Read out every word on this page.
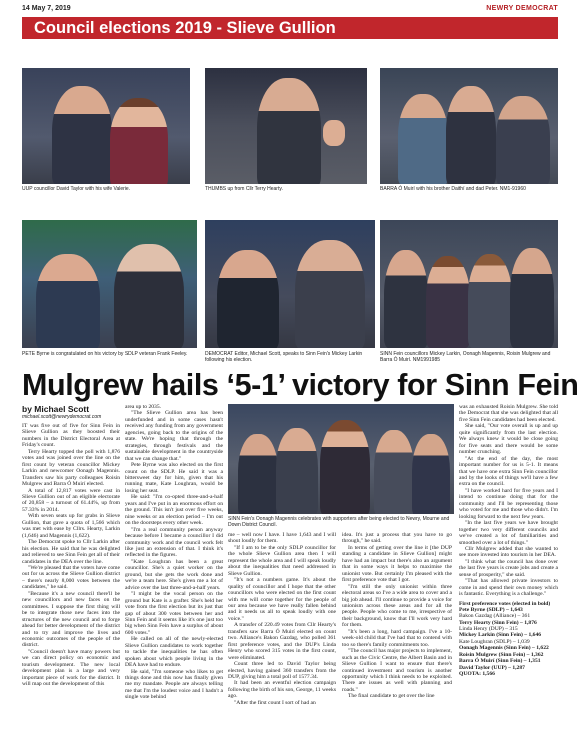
14 May 7, 2019	NEWRY DEMOCRAT
Council elections 2019 - Slieve Gullion
UUP councillor David Taylor with his wife Valerie.	THUMBS up from Cllr Terry Hearty.	BARRA Ó Muirí with his brother Daithí and dad Peter. NM1-91960
PETE Byrne is congratulated on his victory by SDLP veteran Frank Feeley.	DEMOCRAT Editor, Michael Scott, speaks to Sinn Fein's Mickey Larkin following his election.
SINN Fein councillors Mickey Larkin, Oonagh Magennis, Roisin Mulgrew and Barra Ó Muirí. NM1991985
Mulgrew hails ‘5-1’ victory for Sinn Fein
by Michael Scott
michael.scott@newrydemocrat.com

IT was five out of five for Sinn Fein in Slieve Gullion as they boosted their numbers in the District Electoral Area at Friday's count.

Terry Hearty topped the poll with 1,876 votes and was joined over the line on the first count by veteran councillor Mickey Larkin and newcomer Oonagh Magennis. Transfers saw his party colleagues Roisin Mulgrew and Barra Ó Muirí elected.

A total of 12,817 votes were cast in Slieve Gullion out of an eligible electorate of 20,858 – a turnout of 61.44%, up from 57.33% in 2014.

With seven seats up for grabs in Slieve Gullion, that gave a quota of 1,566 which was met with ease by Cllrs. Hearty, Larkin (1,646) and Magennis (1,622).

The Democrat spoke to Cllr Larkin after his election. He said that he was delighted and relieved to see Sinn Fein get all of their candidates in the DEA over the line.

"We're pleased that the voters have come out for us across the Slieve Gullion district – there's nearly 8,000 votes between the candidates," he said.

"Because it's a new council there'll be new councillors and new faces on the committees. I suppose the first thing will be to integrate those new faces into the structures of the new council and to forge ahead for better development of the district and to try and improve the lives and economic outcomes of the people of the district.

"Council doesn't have many powers but we can direct policy on economic and tourism development. The new local development plan is a large and very important piece of work for the district. It will map out the development of this

area up to 2035.

"The Slieve Gullion area has been underfunded and in some cases hasn't received any funding from any government agencies, going back to the origins of the state. We're hoping that through the strategies, through festivals and the sustainable development in the countryside that we can change that."

Pete Byrne was also elected on the first count on the SDLP. He said it was a bittersweet day for him, given that his running mate, Kate Loughran, would be losing her seat.

He said: "I'm co-opted three-and-a-half years and I've put in an enormous effort on the ground. This isn't just over five weeks, nine weeks or an election period – I'm out on the doorsteps every other week.

"I'm a real community person anyway because before I became a councillor I did community work and the council work felt like just an extension of that. I think it's reflected in the figures.

"Kate Loughran has been a great councillor. She's a quiet worker on the ground, but she gets the work done and we're a team here. She's given me a lot of advice over the last three-and-a-half years.

"I might be the vocal person on the ground but Kate is a grafter. She's held her vote from the first election but its just that gap of about 300 votes between her and Sinn Fein and it seems like it's one just too big when Sinn Fein have a surplus of about 600 votes."

He called on all of the newly-elected Slieve Gullion candidates to work together to tackle the inequalities he has often spoken about which people living in the DEA have had to endure.

He said, "I'm someone who likes to get things done and this now has finally given me my mandate. People are always telling me that I'm the loudest voice and I hadn't a single vote behind

SINN Fein's Oonagh Magennis celebrates with supporters after being elected to Newry, Mourne and Down District Council.

me – well now I have. I have 1,643 and I will shout loudly for them.

"If I am to be the only SDLP councillor for the whole Slieve Gullion area then I will represent the whole area and I will speak loudly about the inequalities that need addressed in Slieve Gullion.

"It's not a numbers game. It's about the quality of councillor and I hope that the other councillors who were elected on the first count with me will come together for the people of our area because we have really fallen behind and it needs us all to speak loudly with one voice."

A transfer of 220.49 votes from Cllr Hearty's transfers saw Barra Ó Muirí elected on count two. Alliance's Bakon Gazdag, who polled 361 first preference votes, and the DUP's Linda Henry who scored 315 votes in the first count, were eliminated.

Count three led to David Taylor being elected, having gained 360 transfers from the DUP, giving him a total poll of 1577.34.

It had been an eventful election campaign following the birth of his son, George, 11 weeks ago.

"After the first count I sort of had an

idea. It's just a process that you have to go through," he said.

In terms of getting over the line it [the DUP standing a candidate in Slieve Gullion] might have had an impact but there's also an argument that in some ways it helps to maximise the unionist vote. But certainly I'm pleased with the first preference vote that I got.

"I'm still the only unionist within three electoral areas so I've a wide area to cover and a big job ahead. I'll continue to provide a voice for unionism across these areas and for all the people. People who come to me, irrespective of their background, know that I'll work very hard for them.

"It's been a long, hard campaign. I've a 10-week-old child that I've had that to contend with too so there's family commitments too.

"The council has major projects to implement, such as the Civic Centre, the Albert Basin and in Slieve Gullion I want to ensure that there's continued investment and tourism is another opportunity which I think needs to be exploited. There are issues as well with planning and roads."

The final candidate to get over the line

was an exhausted Roisin Mulgrew. She told the Democrat that she was delighted that all five Sinn Fein candidates had been elected.

She said, "Our vote overall is up and up quite significantly from the last election. We always knew it would be close going for five seats and there would be some number crunching.

"At the end of the day, the most important number for us is 5-1. It means that we have one extra Sinn Fein councillor and by the looks of things we'll have a few extra on the council.

"I have worked hard for five years and I intend to continue doing that for the community and I'll be representing those who voted for me and those who didn't. I'm looking forward to the next few years.

"In the last five years we have brought together two very different councils and we've created a lot of familiarities and smoothed over a lot of things."

Cllr Mulgrew added that she wanted to see more invested into tourism in her DEA.

"I think what the council has done over the last five years is create jobs and create a sense of prosperity," she said.

"That has allowed private investors to come in and spend their own money which is fantastic. Everything is a challenge."

First preference votes (elected in bold)
Pete Byrne (SDLP) – 1,643
Bakon Gazdag (Alliance) – 361
Terry Hearty (Sinn Fein) – 1,876
Linda Henry (DUP) – 315
Mickey Larkin (Sinn Fein) – 1,646
Kate Loughran (SDLP) – 1,039
Oonagh Magennis (Sinn Fein) – 1,622
Roisin Mulgrew (Sinn Fein) – 1,362
Barra Ó Muirí (Sinn Fein) – 1,351
David Taylor (UUP) – 1,287
QUOTA: 1,566
